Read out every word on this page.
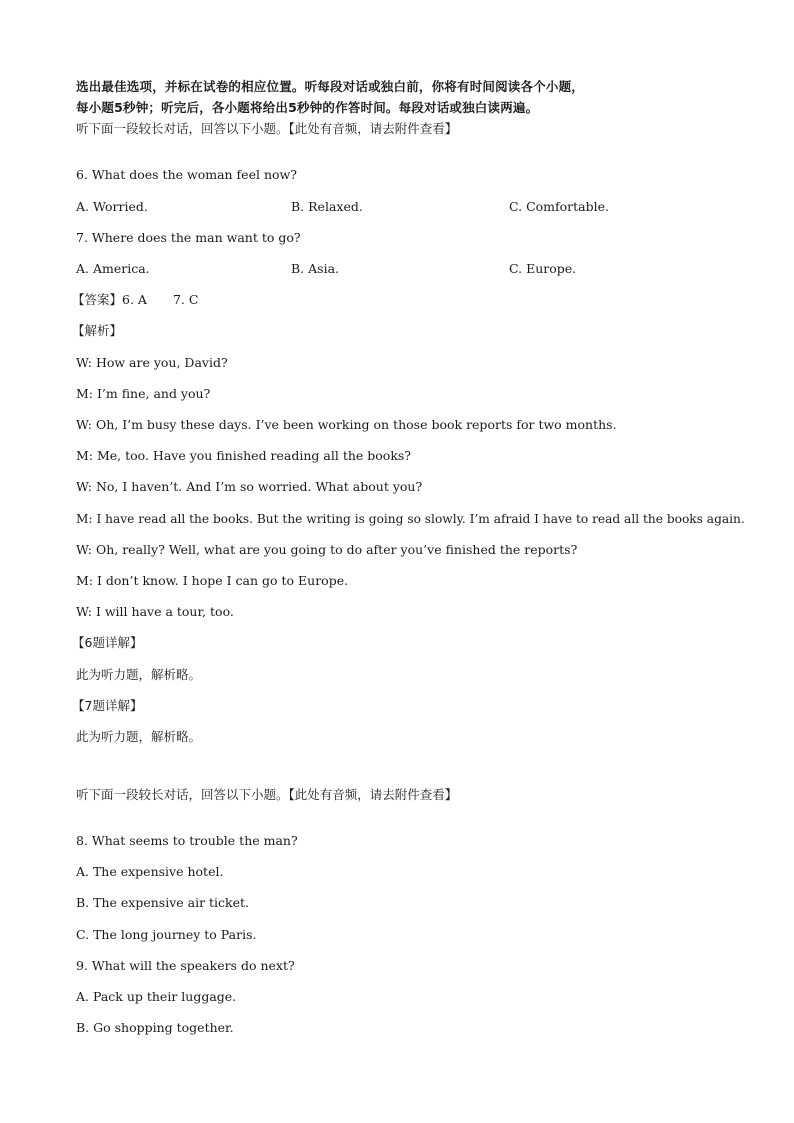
选出最佳选项，并标在试卷的相应位置。听每段对话或独白前，你将有时间阅读各个小题，
每小题5秒钟；听完后，各小题将给出5秒钟的作答时间。每段对话或独白读两遍。
听下面一段较长对话，回答以下小题。【此处有音频，请去附件查看】
6. What does the woman feel now?
A. Worried.	B. Relaxed.	C. Comfortable.
7. Where does the man want to go?
A. America.	B. Asia.	C. Europe.
【答案】6. A 7. C
【解析】
W: How are you, David?
M: I’m fine, and you?
W: Oh, I’m busy these days. I’ve been working on those book reports for two months.
M: Me, too. Have you finished reading all the books?
W: No, I haven’t. And I’m so worried. What about you?
M: I have read all the books. But the writing is going so slowly. I’m afraid I have to read all the books again.
W: Oh, really? Well, what are you going to do after you’ve finished the reports?
M: I don’t know. I hope I can go to Europe.
W: I will have a tour, too.
【6题详解】
此为听力题，解析略。
【7题详解】
此为听力题，解析略。
听下面一段较长对话，回答以下小题。【此处有音频，请去附件查看】
8. What seems to trouble the man?
A. The expensive hotel.
B. The expensive air ticket.
C. The long journey to Paris.
9. What will the speakers do next?
A. Pack up their luggage.
B. Go shopping together.
